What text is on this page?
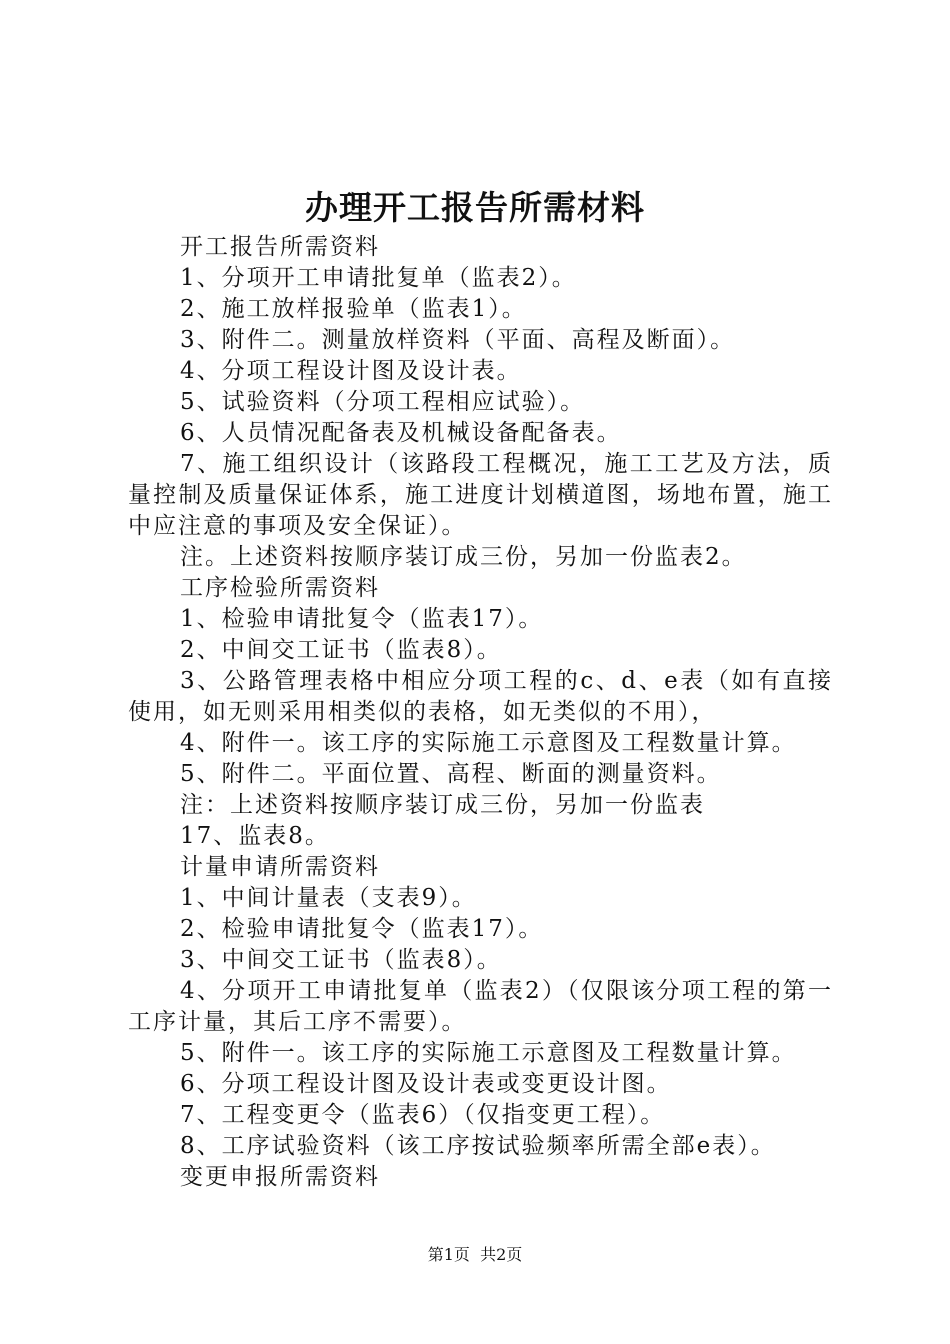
办理开工报告所需材料

开工报告所需资料

1、分项开工申请批复单（监表2）。

2、施工放样报验单（监表1）。

3、附件二。测量放样资料（平面、高程及断面）。

4、分项工程设计图及设计表。

5、试验资料（分项工程相应试验）。

6、人员情况配备表及机械设备配备表。

7、施工组织设计（该路段工程概况，施工工艺及方法，质量控制及质量保证体系，施工进度计划横道图，场地布置，施工中应注意的事项及安全保证）。

注。上述资料按顺序装订成三份，另加一份监表2。

工序检验所需资料

1、检验申请批复令（监表17）。

2、中间交工证书（监表8）。

3、公路管理表格中相应分项工程的c、d、e表（如有直接使用，如无则采用相类似的表格，如无类似的不用），

4、附件一。该工序的实际施工示意图及工程数量计算。

5、附件二。平面位置、高程、断面的测量资料。

注：上述资料按顺序装订成三份，另加一份监表

17、监表8。

计量申请所需资料

1、中间计量表（支表9）。

2、检验申请批复令（监表17）。

3、中间交工证书（监表8）。

4、分项开工申请批复单（监表2）（仅限该分项工程的第一工序计量，其后工序不需要）。

5、附件一。该工序的实际施工示意图及工程数量计算。

6、分项工程设计图及设计表或变更设计图。

7、工程变更令（监表6）（仅指变更工程）。

8、工序试验资料（该工序按试验频率所需全部e表）。

变更申报所需资料

第1页 共2页
